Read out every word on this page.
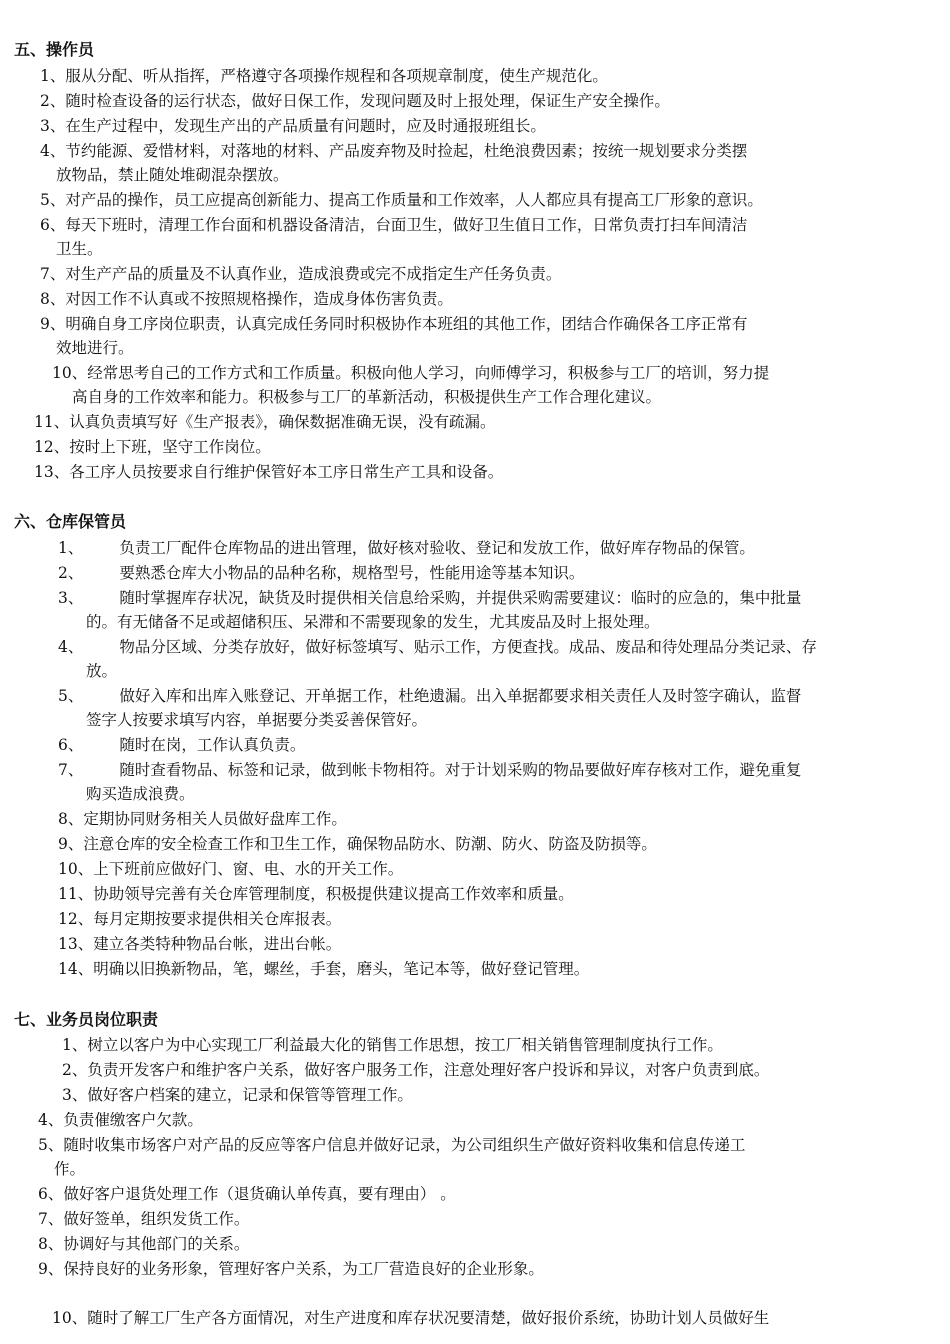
五、操作员
1、服从分配、听从指挥，严格遵守各项操作规程和各项规章制度，使生产规范化。
2、随时检查设备的运行状态，做好日保工作，发现问题及时上报处理，保证生产安全操作。
3、在生产过程中，发现生产出的产品质量有问题时，应及时通报班组长。
4、节约能源、爱惜材料，对落地的材料、产品废弃物及时捡起，杜绝浪费因素；按统一规划要求分类摆
放物品，禁止随处堆砌混杂摆放。
5、对产品的操作，员工应提高创新能力、提高工作质量和工作效率，人人都应具有提高工厂形象的意识。
6、每天下班时，清理工作台面和机器设备清洁，台面卫生，做好卫生值日工作，日常负责打扫车间清洁
卫生。
7、对生产产品的质量及不认真作业，造成浪费或完不成指定生产任务负责。
8、对因工作不认真或不按照规格操作，造成身体伤害负责。
9、明确自身工序岗位职责，认真完成任务同时积极协作本班组的其他工作，团结合作确保各工序正常有
效地进行。
10、经常思考自己的工作方式和工作质量。积极向他人学习，向师傅学习，积极参与工厂的培训，努力提
高自身的工作效率和能力。积极参与工厂的革新活动，积极提供生产工作合理化建议。
11、认真负责填写好《生产报表》，确保数据准确无误，没有疏漏。
12、按时上下班，坚守工作岗位。
13、各工序人员按要求自行维护保管好本工序日常生产工具和设备。
六、仓库保管员
1、 负责工厂配件仓库物品的进出管理，做好核对验收、登记和发放工作，做好库存物品的保管。
2、 要熟悉仓库大小物品的品种名称，规格型号，性能用途等基本知识。
3、 随时掌握库存状况，缺货及时提供相关信息给采购，并提供采购需要建议：临时的应急的，集中批量
的。有无储备不足或超储积压、呆滞和不需要现象的发生，尤其废品及时上报处理。
4、 物品分区域、分类存放好，做好标签填写、贴示工作，方便查找。成品、废品和待处理品分类记录、存
放。
5、 做好入库和出库入账登记、开单据工作，杜绝遗漏。出入单据都要求相关责任人及时签字确认，监督
签字人按要求填写内容，单据要分类妥善保管好。
6、 随时在岗，工作认真负责。
7、 随时查看物品、标签和记录，做到帐卡物相符。对于计划采购的物品要做好库存核对工作，避免重复
购买造成浪费。
8、定期协同财务相关人员做好盘库工作。
9、注意仓库的安全检查工作和卫生工作，确保物品防水、防潮、防火、防盗及防损等。
10、上下班前应做好门、窗、电、水的开关工作。
11、协助领导完善有关仓库管理制度，积极提供建议提高工作效率和质量。
12、每月定期按要求提供相关仓库报表。
13、建立各类特种物品台帐，进出台帐。
14、明确以旧换新物品，笔，螺丝，手套，磨头，笔记本等，做好登记管理。
七、业务员岗位职责
1、树立以客户为中心实现工厂利益最大化的销售工作思想，按工厂相关销售管理制度执行工作。
2、负责开发客户和维护客户关系，做好客户服务工作，注意处理好客户投诉和异议，对客户负责到底。
3、做好客户档案的建立，记录和保管等管理工作。
4、负责催缴客户欠款。
5、随时收集市场客户对产品的反应等客户信息并做好记录，为公司组织生产做好资料收集和信息传递工
作。
6、做好客户退货处理工作（退货确认单传真，要有理由） 。
7、做好签单，组织发货工作。
8、协调好与其他部门的关系。
9、保持良好的业务形象，管理好客户关系，为工厂营造良好的企业形象。
10、随时了解工厂生产各方面情况，对生产进度和库存状况要清楚，做好报价系统，协助计划人员做好生
